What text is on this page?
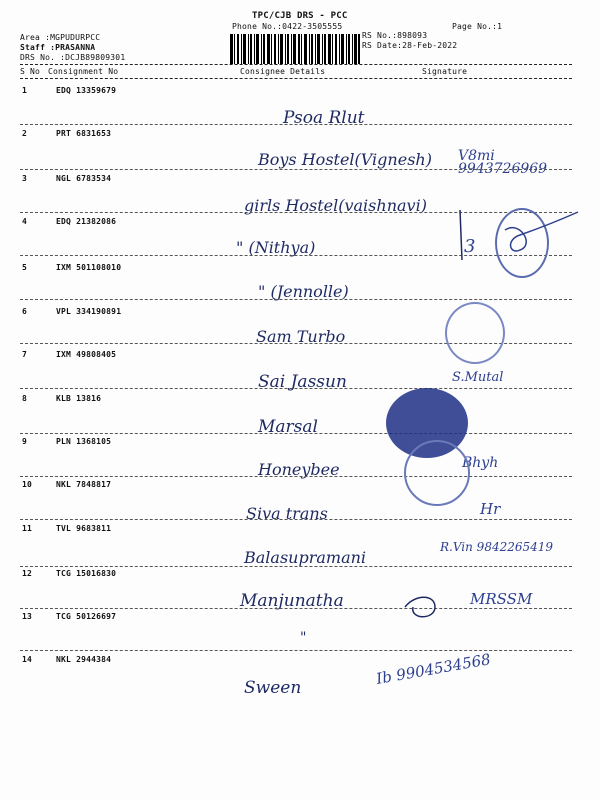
TPC/CJB DRS - PCC
Phone No.:0422-3505555	Page No.:1
Area :MGPUDURPCC
Staff :PRASANNA
DRS No. :DCJB89809301
RS No.:898093
RS Date:28-Feb-2022
S No Consignment No	Consignee Details	Signature
1	EDQ 13359679
Psoa Rlut
2	PRT 6831653
Boys Hostel(Vignesh) V8mi 9943726969
3	NGL 6783534
girls Hostel(vaishnavi)
4	EDQ 21382086
" (Nithya)	3
5	IXM 501108010
" (Jennolle)
6	VPL 334190891
Sam Turbo
7	IXM 49808405
Sai Jassun	S.Mutal
8	KLB 13816
Marsal
9	PLN 1368105
Honeybee	Bhyh
10	NKL 7848817
Siva trans	Hr
11	TVL 9683811
Balasupramani
R.Vin 9842265419
12	TCG 15016830
Manjunatha	MRSSM
13	TCG 50126697
"
14	NKL 2944384
Sween	Ib 9904534568
